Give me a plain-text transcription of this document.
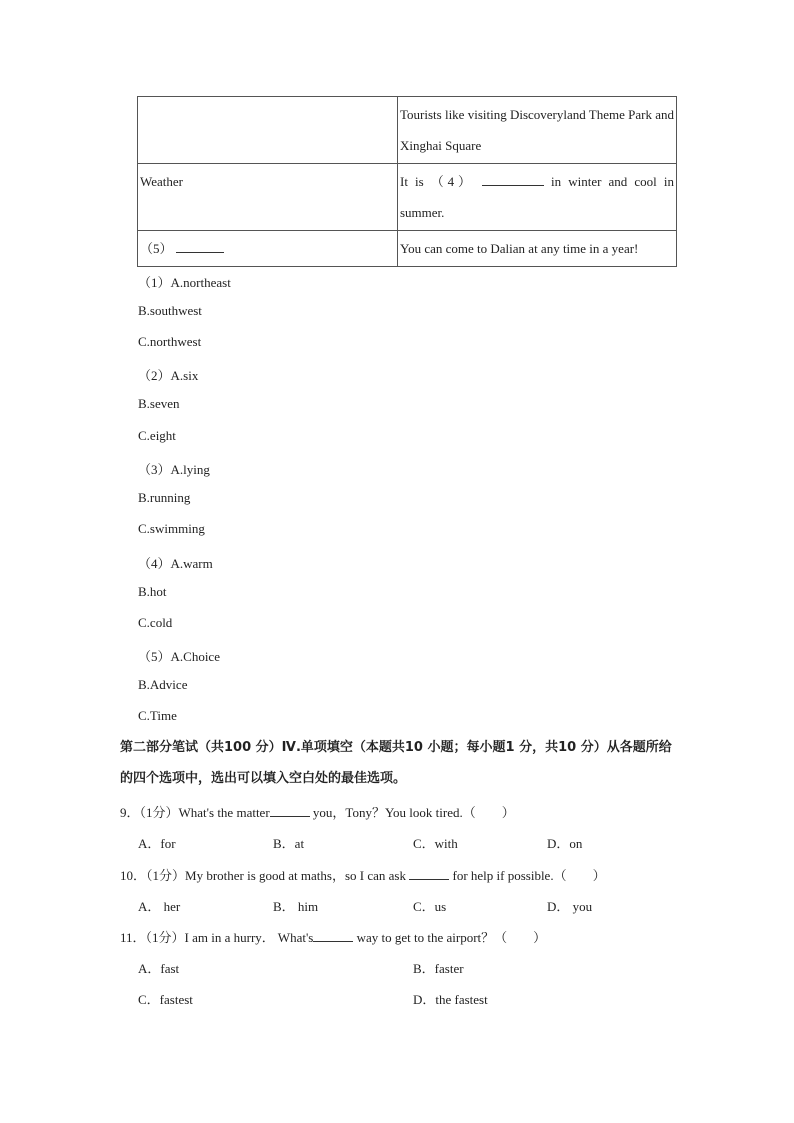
	Tourists like visiting Discoveryland Theme Park and Xinghai Square
Weather	It is （4） in winter and cool in summer.
（5）	You can come to Dalian at any time in a year!
（1）A.northeast
B.southwest
C.northwest
（2）A.six
B.seven
C.eight
（3）A.lying
B.running
C.swimming
（4）A.warm
B.hot
C.cold
（5）A.Choice
B.Advice
C.Time
第二部分笔试（共100 分）Ⅳ.单项填空（本题共10 小题；每小题1 分，共10 分）从各题所给的四个选项中，选出可以填入空白处的最佳选项。
9．（1分）What's the matter	you，Tony？You look tired.（　　）
A．for	B．at	C．with	D．on
10．（1分）My brother is good at maths，so I can ask	for help if possible.（　　）
A． her	B． him	C．us	D． you
11．（1分）I am in a hurry． What's	way to get to the airport？（　　）
A．fast	B．faster
C．fastest	D．the fastest
